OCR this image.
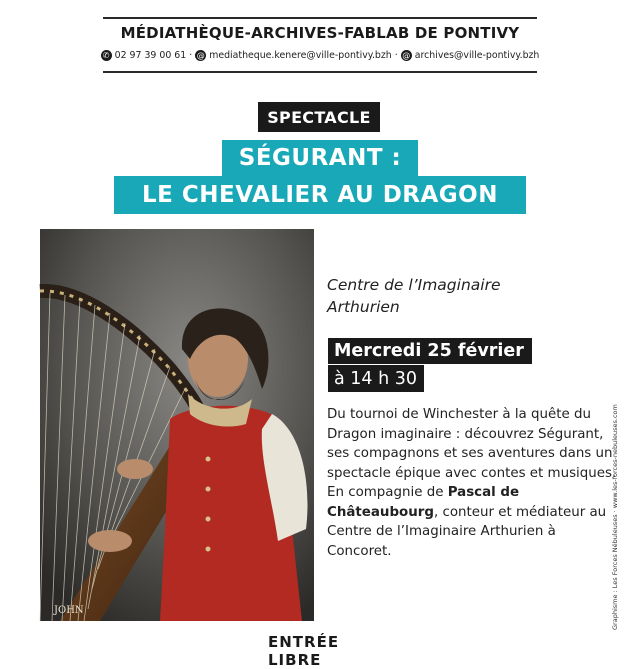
MÉDIATHÈQUE-ARCHIVES-FABLAB DE PONTIVY
✆ 02 97 39 00 61 · @ mediatheque.kenere@ville-pontivy.bzh · @ archives@ville-pontivy.bzh
SPECTACLE
SÉGURANT :
LE CHEVALIER AU DRAGON
JOHN
Centre de l’Imaginaire
Arthurien
Mercredi 25 février
à 14 h 30
Du tournoi de Winchester à la quête du Dragon imaginaire : découvrez Ségurant, ses compagnons et ses aventures dans un spectacle épique avec contes et musiques. En compagnie de Pascal de Châteaubourg, conteur et médiateur au Centre de l’Imaginaire Arthurien à Concoret.	Graphisme : Les Forces Nébuleuses · www.les-forces-nebuleuses.com
ENTRÉE LIBRE
